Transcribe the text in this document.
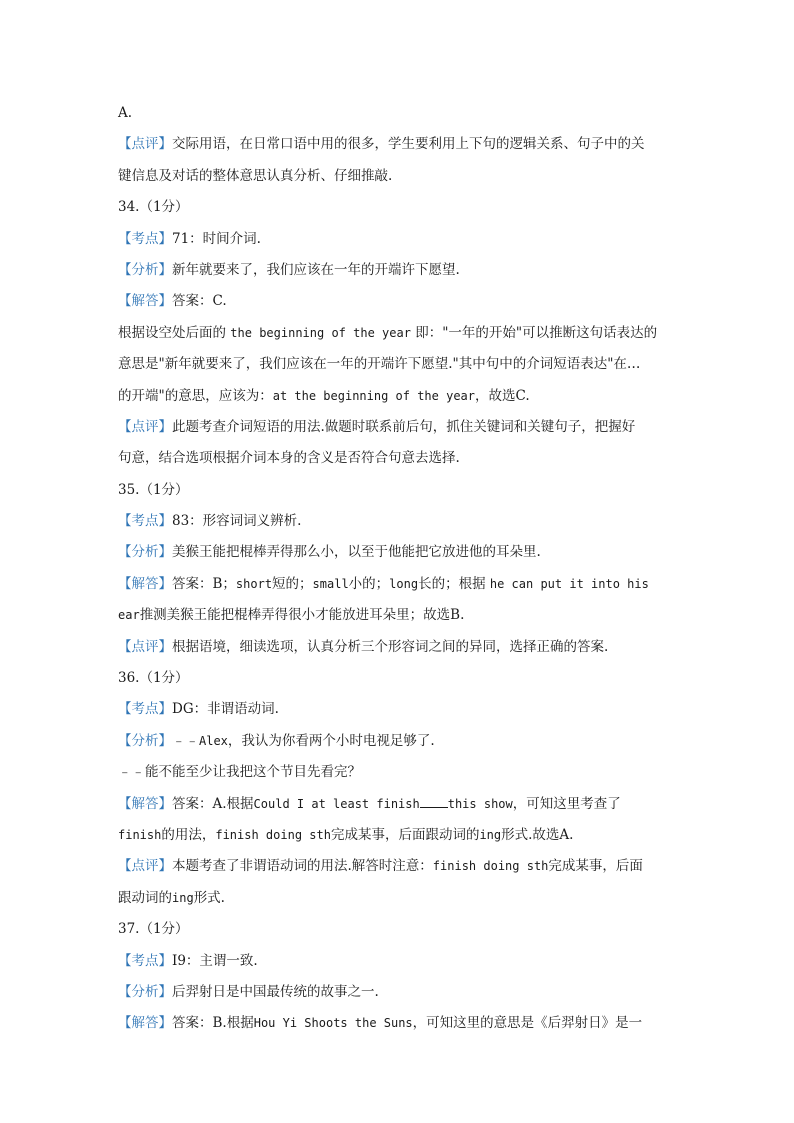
A.
【点评】交际用语，在日常口语中用的很多，学生要利用上下句的逻辑关系、句子中的关
键信息及对话的整体意思认真分析、仔细推敲.
34.（1分）
【考点】71：时间介词.
【分析】新年就要来了，我们应该在一年的开端许下愿望.
【解答】答案：C.
根据设空处后面的 the beginning of the year 即："一年的开始"可以推断这句话表达的
意思是"新年就要来了，我们应该在一年的开端许下愿望."其中句中的介词短语表达"在…
的开端"的意思，应该为：at the beginning of the year，故选C.
【点评】此题考查介词短语的用法.做题时联系前后句，抓住关键词和关键句子，把握好
句意，结合选项根据介词本身的含义是否符合句意去选择.
35.（1分）
【考点】83：形容词词义辨析.
【分析】美猴王能把棍棒弄得那么小，以至于他能把它放进他的耳朵里.
【解答】答案：B；short短的；small小的；long长的；根据 he can put it into his
ear推测美猴王能把棍棒弄得很小才能放进耳朵里；故选B.
【点评】根据语境，细读选项，认真分析三个形容词之间的异同，选择正确的答案.
36.（1分）
【考点】DG：非谓语动词.
【分析】﹣﹣Alex，我认为你看两个小时电视足够了.
﹣﹣能不能至少让我把这个节目先看完？
【解答】答案：A.根据Could I at least finish this show，可知这里考查了
finish的用法，finish doing sth完成某事，后面跟动词的ing形式.故选A.
【点评】本题考查了非谓语动词的用法.解答时注意：finish doing sth完成某事，后面
跟动词的ing形式.
37.（1分）
【考点】I9：主谓一致.
【分析】后羿射日是中国最传统的故事之一.
【解答】答案：B.根据Hou Yi Shoots the Suns，可知这里的意思是《后羿射日》是一
